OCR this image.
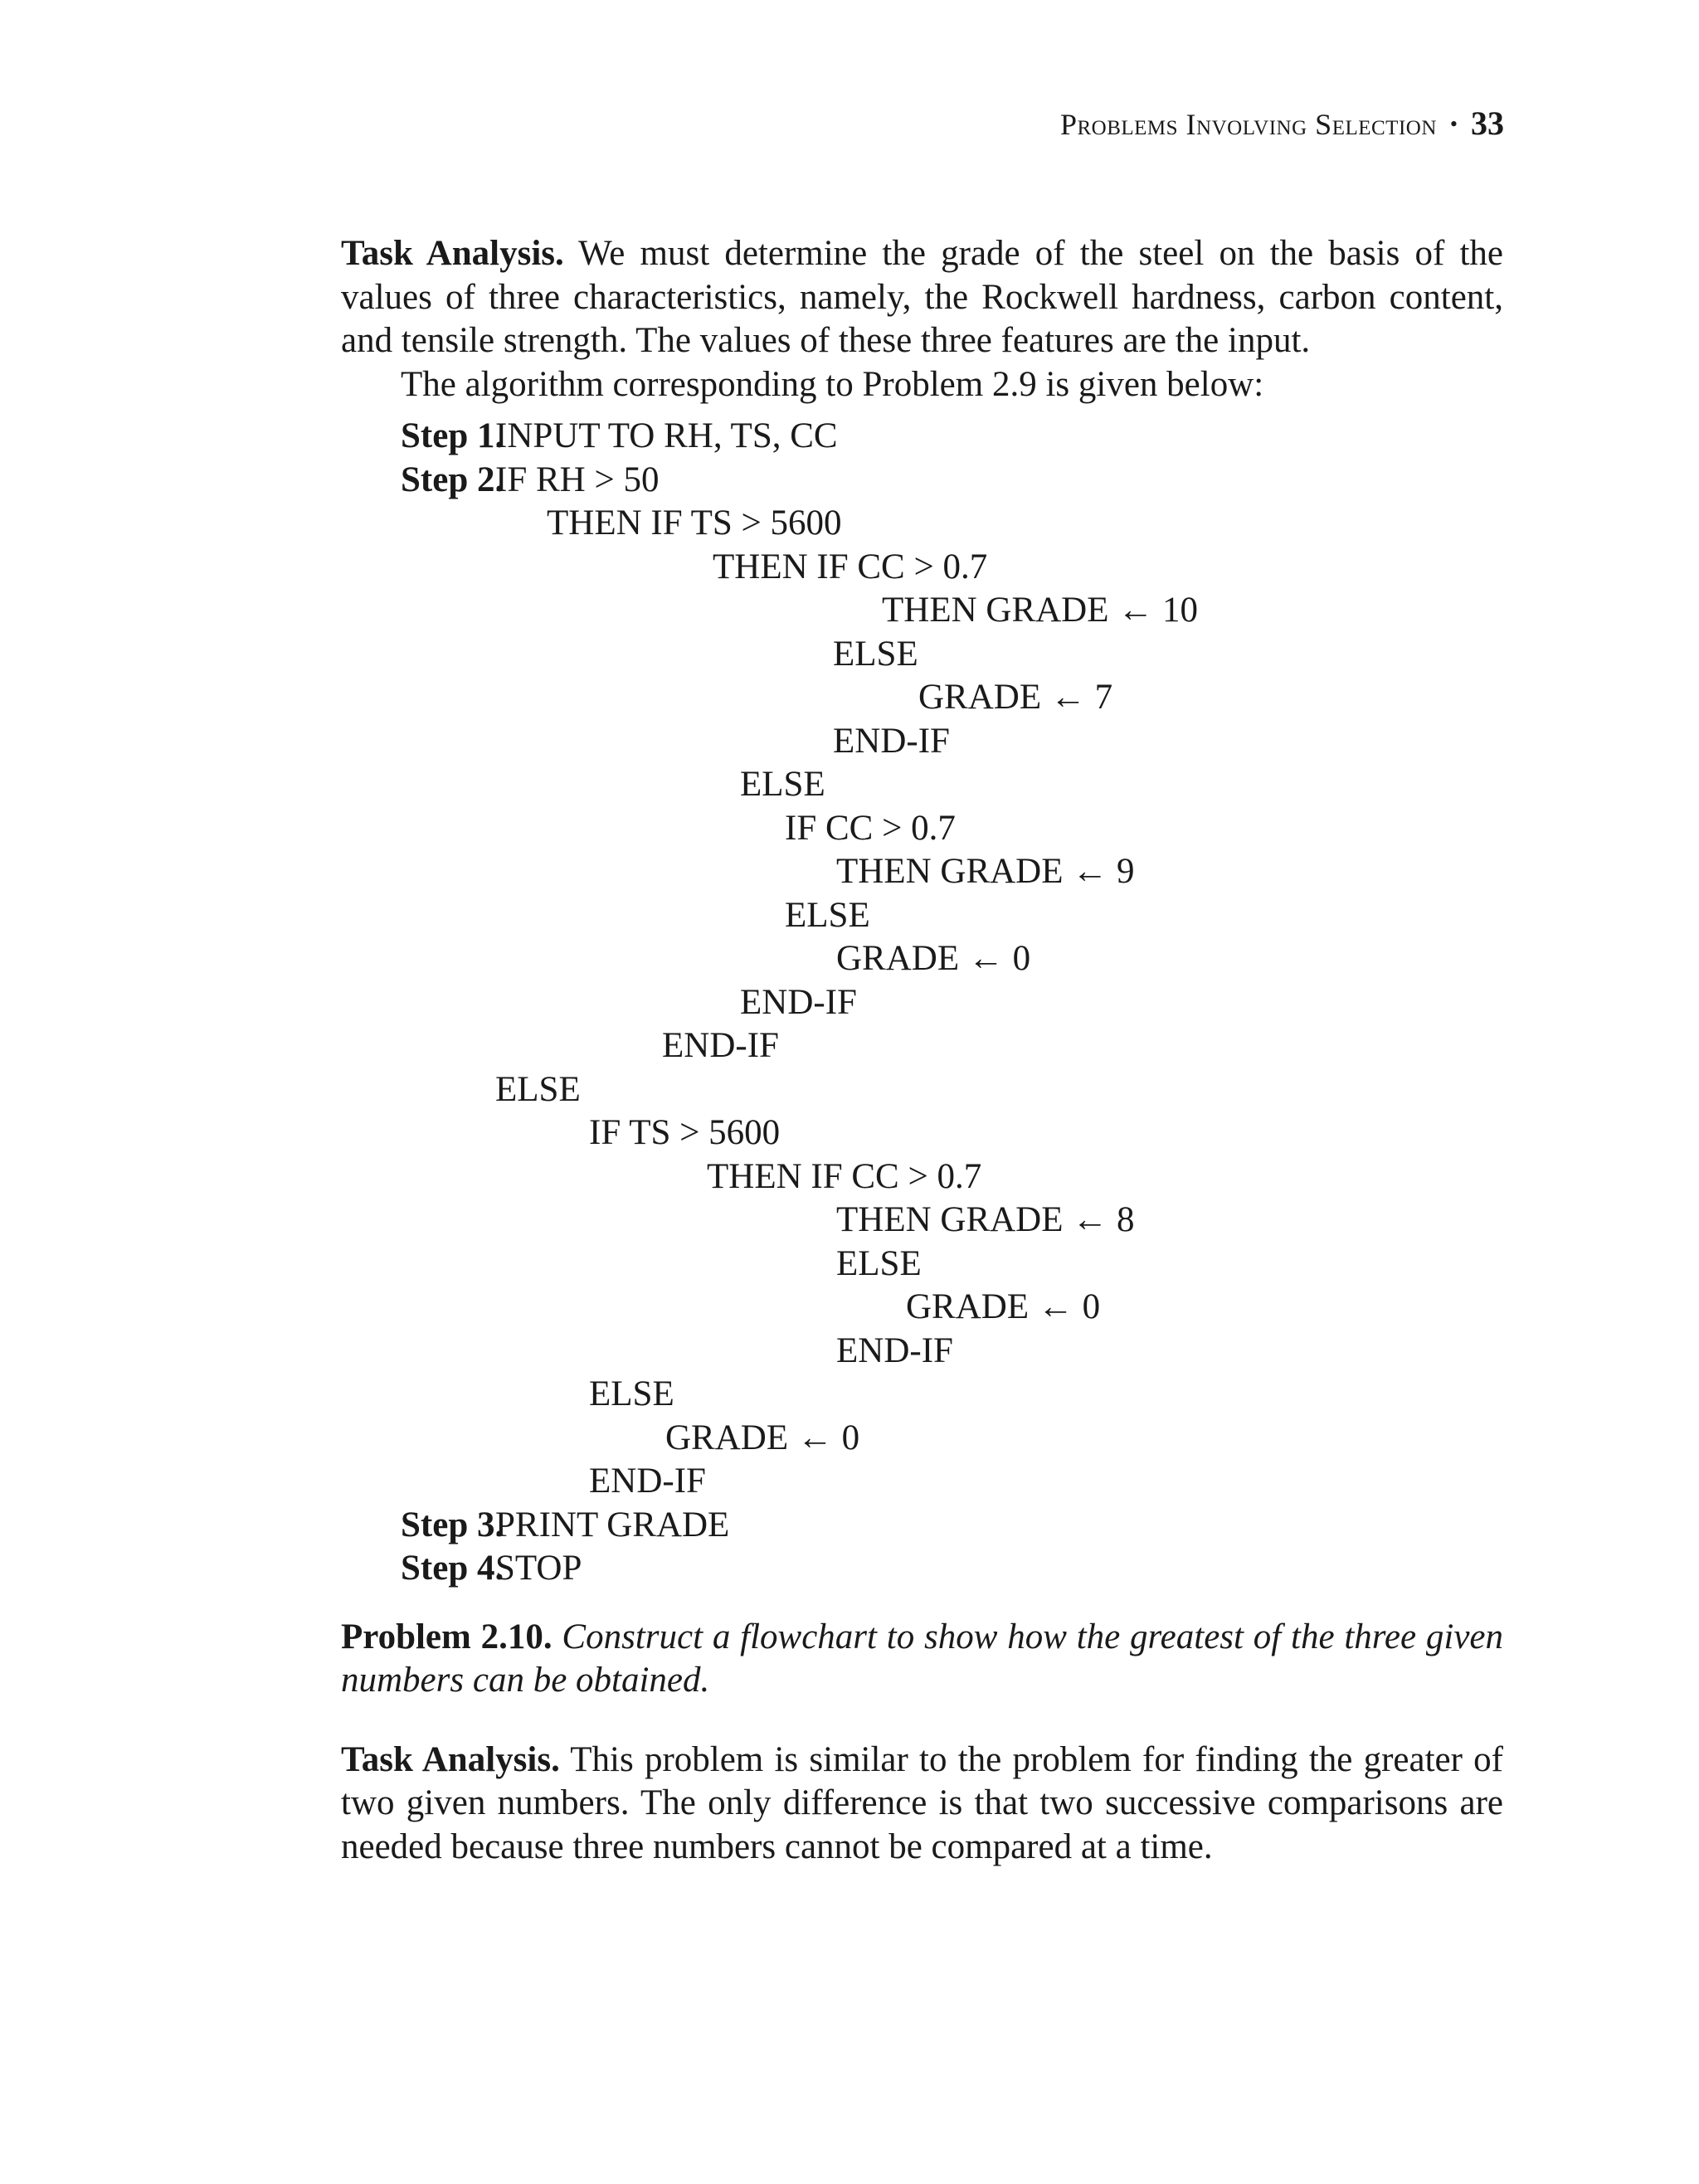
Problems Involving Selection • 33

Task Analysis. We must determine the grade of the steel on the basis of the values of three characteristics, namely, the Rockwell hardness, carbon content, and tensile strength. The values of these three features are the input.

The algorithm corresponding to Problem 2.9 is given below:

Step 1.
INPUT TO RH, TS, CC
Step 2.
IF RH > 50
THEN IF TS > 5600
THEN IF CC > 0.7
THEN GRADE ← 10
ELSE
GRADE ← 7
END-IF
ELSE
IF CC > 0.7
THEN GRADE ← 9
ELSE
GRADE ← 0
END-IF
END-IF
ELSE
IF TS > 5600
THEN IF CC > 0.7
THEN GRADE ← 8
ELSE
GRADE ← 0
END-IF
ELSE
GRADE ← 0
END-IF
Step 3.
PRINT GRADE
Step 4.
STOP

Problem 2.10. Construct a flowchart to show how the greatest of the three given numbers can be obtained.

Task Analysis. This problem is similar to the problem for finding the greater of two given numbers. The only difference is that two successive comparisons are needed because three numbers cannot be compared at a time.
